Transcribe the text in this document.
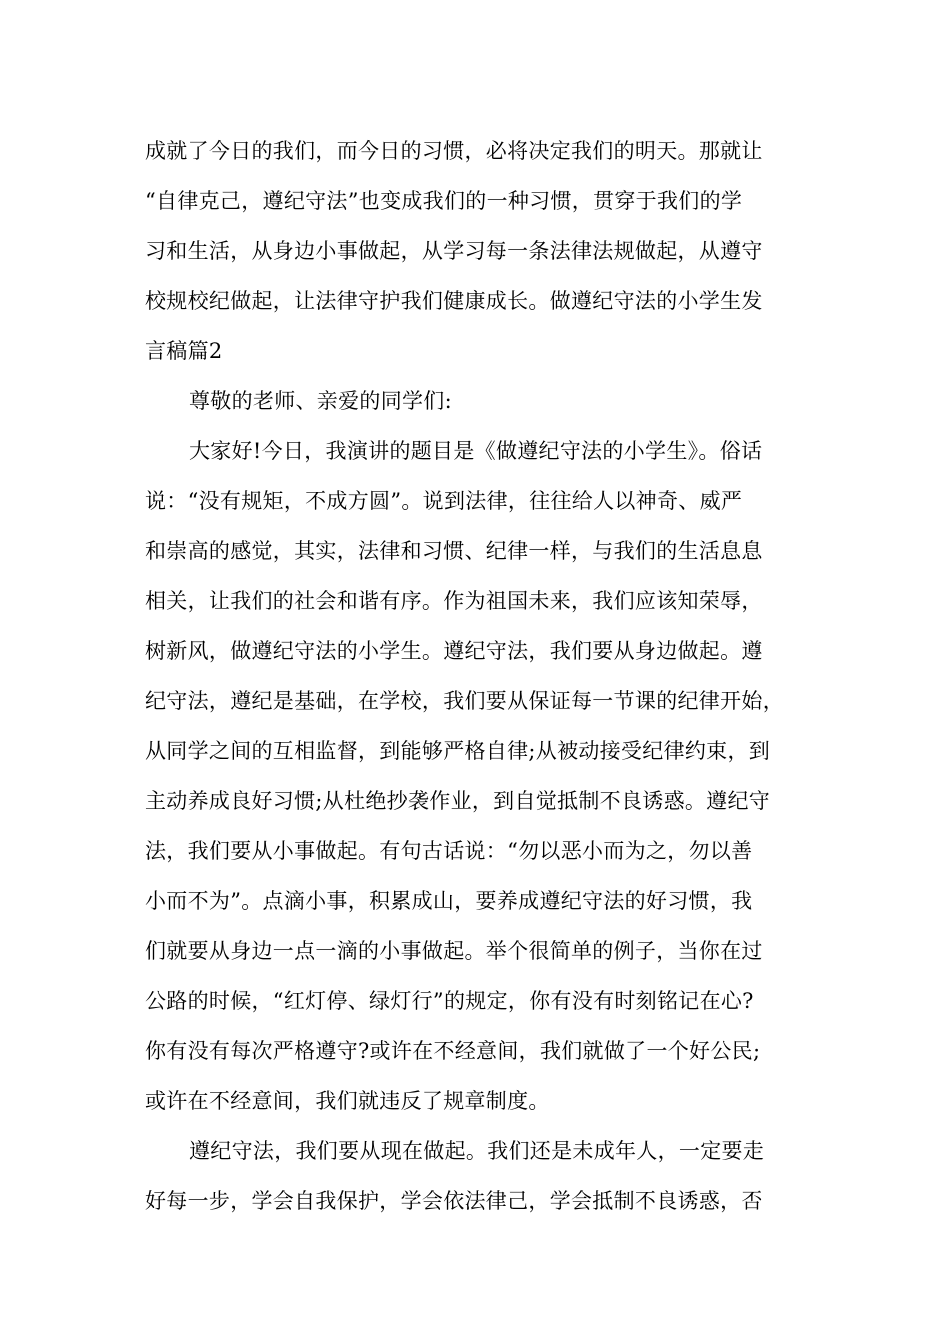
成就了今日的我们，而今日的习惯，必将决定我们的明天。那就让
“自律克己，遵纪守法”也变成我们的一种习惯，贯穿于我们的学
习和生活，从身边小事做起，从学习每一条法律法规做起，从遵守
校规校纪做起，让法律守护我们健康成长。做遵纪守法的小学生发
言稿篇2
尊敬的老师、亲爱的同学们:
大家好!今日，我演讲的题目是《做遵纪守法的小学生》。俗话
说：“没有规矩，不成方圆”。说到法律，往往给人以神奇、威严
和崇高的感觉，其实，法律和习惯、纪律一样，与我们的生活息息
相关，让我们的社会和谐有序。作为祖国未来，我们应该知荣辱，
树新风，做遵纪守法的小学生。遵纪守法，我们要从身边做起。遵
纪守法，遵纪是基础，在学校，我们要从保证每一节课的纪律开始，
从同学之间的互相监督，到能够严格自律;从被动接受纪律约束，到
主动养成良好习惯;从杜绝抄袭作业，到自觉抵制不良诱惑。遵纪守
法，我们要从小事做起。有句古话说：“勿以恶小而为之，勿以善
小而不为”。点滴小事，积累成山，要养成遵纪守法的好习惯，我
们就要从身边一点一滴的小事做起。举个很简单的例子，当你在过
公路的时候，“红灯停、绿灯行”的规定，你有没有时刻铭记在心?
你有没有每次严格遵守?或许在不经意间，我们就做了一个好公民;
或许在不经意间，我们就违反了规章制度。
遵纪守法，我们要从现在做起。我们还是未成年人，一定要走
好每一步，学会自我保护，学会依法律己，学会抵制不良诱惑，否
